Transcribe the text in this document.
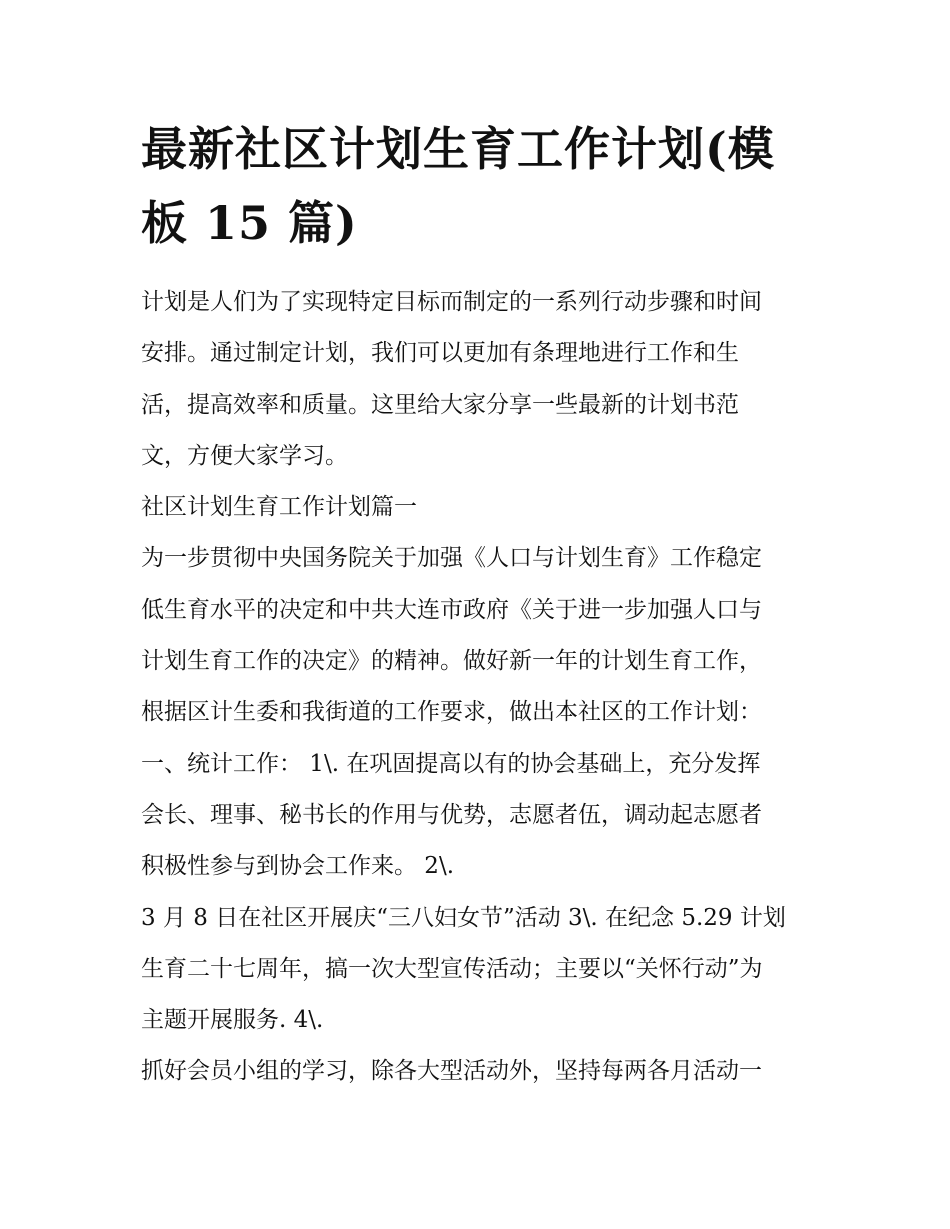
最新社区计划生育工作计划(模
板 15 篇)
计划是人们为了实现特定目标而制定的一系列行动步骤和时间
安排。通过制定计划，我们可以更加有条理地进行工作和生
活，提高效率和质量。这里给大家分享一些最新的计划书范
文，方便大家学习。
社区计划生育工作计划篇一
为一步贯彻中央国务院关于加强《人口与计划生育》工作稳定
低生育水平的决定和中共大连市政府《关于进一步加强人口与
计划生育工作的决定》的精神。做好新一年的计划生育工作，
根据区计生委和我街道的工作要求，做出本社区的工作计划：
一、统计工作： 1\. 在巩固提高以有的协会基础上，充分发挥
会长、理事、秘书长的作用与优势，志愿者伍，调动起志愿者
积极性参与到协会工作来。 2\.
3 月 8 日在社区开展庆“三八妇女节”活动 3\. 在纪念 5.29 计划
生育二十七周年，搞一次大型宣传活动；主要以“关怀行动”为
主题开展服务. 4\.
抓好会员小组的学习，除各大型活动外，坚持每两各月活动一
